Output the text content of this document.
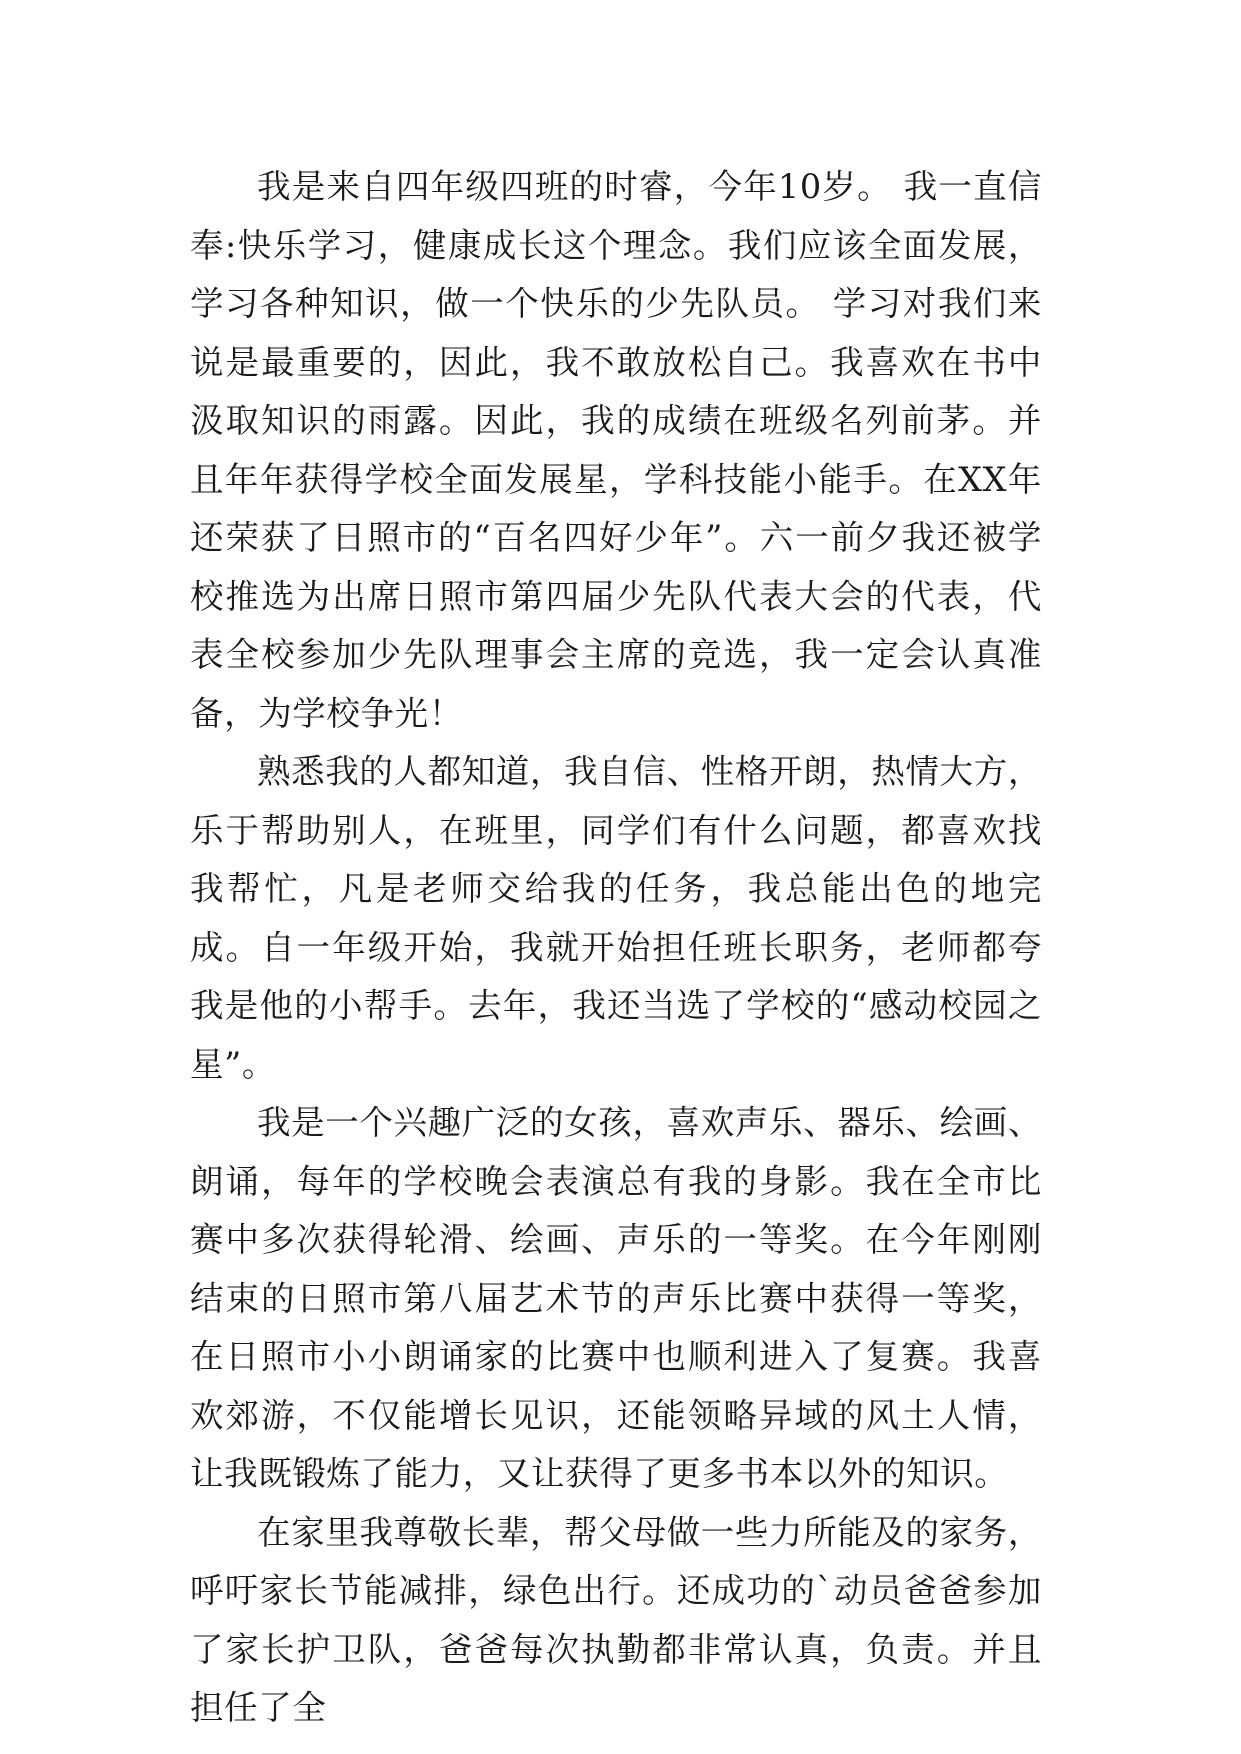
我是来自四年级四班的时睿，今年10岁。 我一直信奉:快乐学习，健康成长这个理念。我们应该全面发展，学习各种知识，做一个快乐的少先队员。 学习对我们来说是最重要的，因此，我不敢放松自己。我喜欢在书中汲取知识的雨露。因此，我的成绩在班级名列前茅。并且年年获得学校全面发展星，学科技能小能手。在XX年还荣获了日照市的“百名四好少年”。六一前夕我还被学校推选为出席日照市第四届少先队代表大会的代表，代表全校参加少先队理事会主席的竞选，我一定会认真准备，为学校争光！

熟悉我的人都知道，我自信、性格开朗，热情大方，乐于帮助别人，在班里，同学们有什么问题，都喜欢找我帮忙，凡是老师交给我的任务，我总能出色的地完成。自一年级开始，我就开始担任班长职务，老师都夸我是他的小帮手。去年，我还当选了学校的“感动校园之星”。

我是一个兴趣广泛的女孩，喜欢声乐、器乐、绘画、朗诵，每年的学校晚会表演总有我的身影。我在全市比赛中多次获得轮滑、绘画、声乐的一等奖。在今年刚刚结束的日照市第八届艺术节的声乐比赛中获得一等奖，在日照市小小朗诵家的比赛中也顺利进入了复赛。我喜欢郊游，不仅能增长见识，还能领略异域的风土人情，让我既锻炼了能力，又让获得了更多书本以外的知识。

在家里我尊敬长辈，帮父母做一些力所能及的家务，呼吁家长节能减排，绿色出行。还成功的`动员爸爸参加了家长护卫队，爸爸每次执勤都非常认真，负责。并且担任了全
